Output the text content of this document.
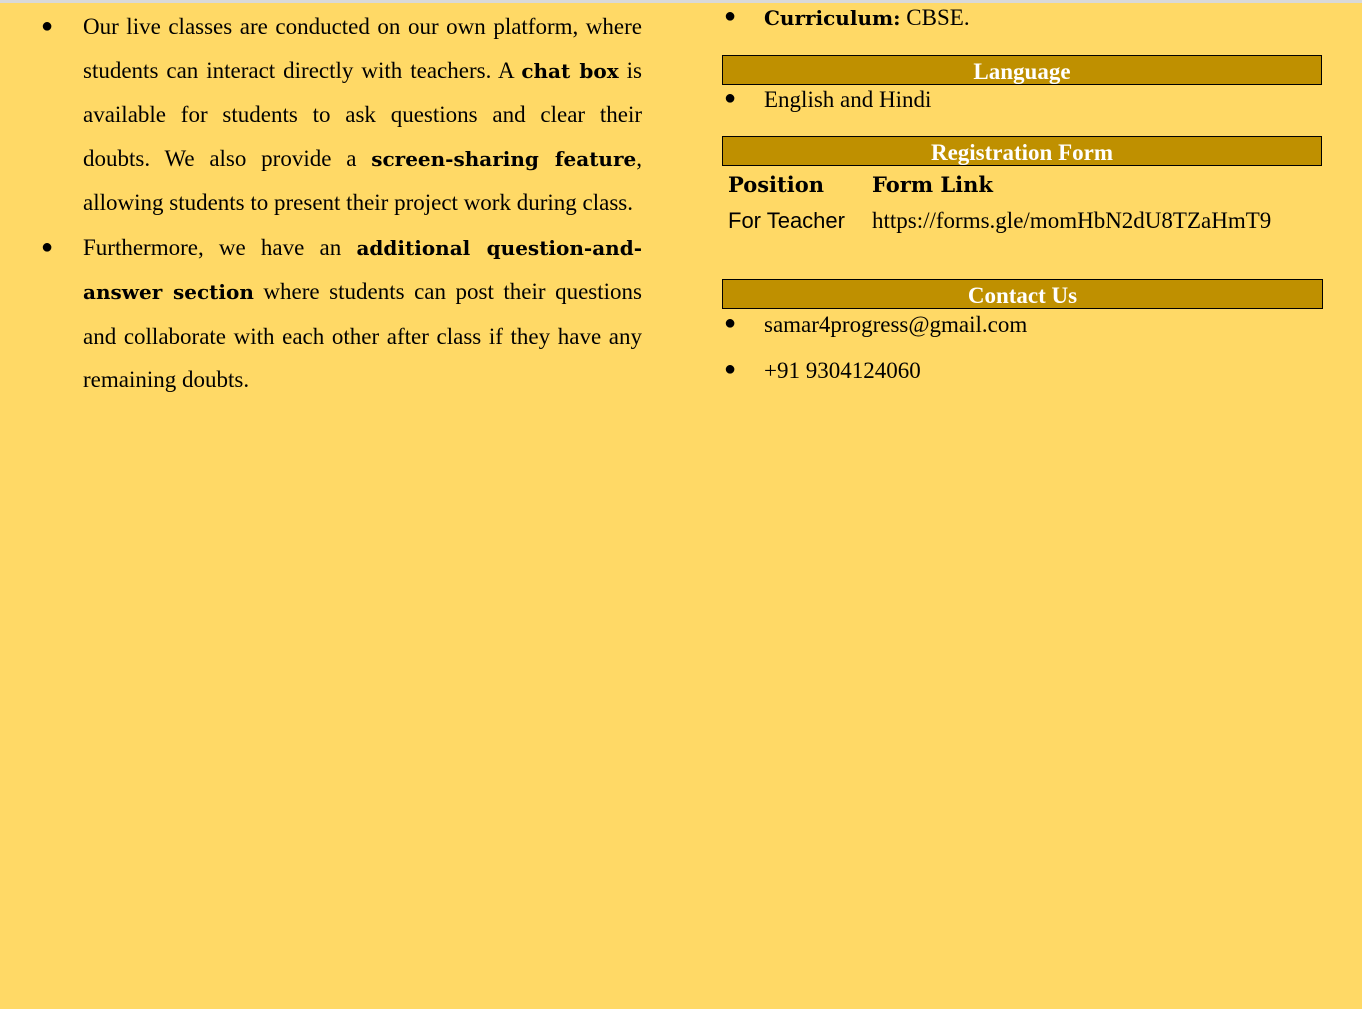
● Our live classes are conducted on our own platform, where students can interact directly with teachers. A chat box is available for students to ask questions and clear their doubts. We also provide a screen-sharing feature, allowing students to present their project work during class.
● Furthermore, we have an additional question-and-answer section where students can post their questions and collaborate with each other after class if they have any remaining doubts.
● Curriculum: CBSE.
Language
● English and Hindi
Registration Form
Position Form Link
For Teacher https://forms.gle/momHbN2dU8TZaHmT9
Contact Us
● samar4progress@gmail.com
● +91 9304124060
